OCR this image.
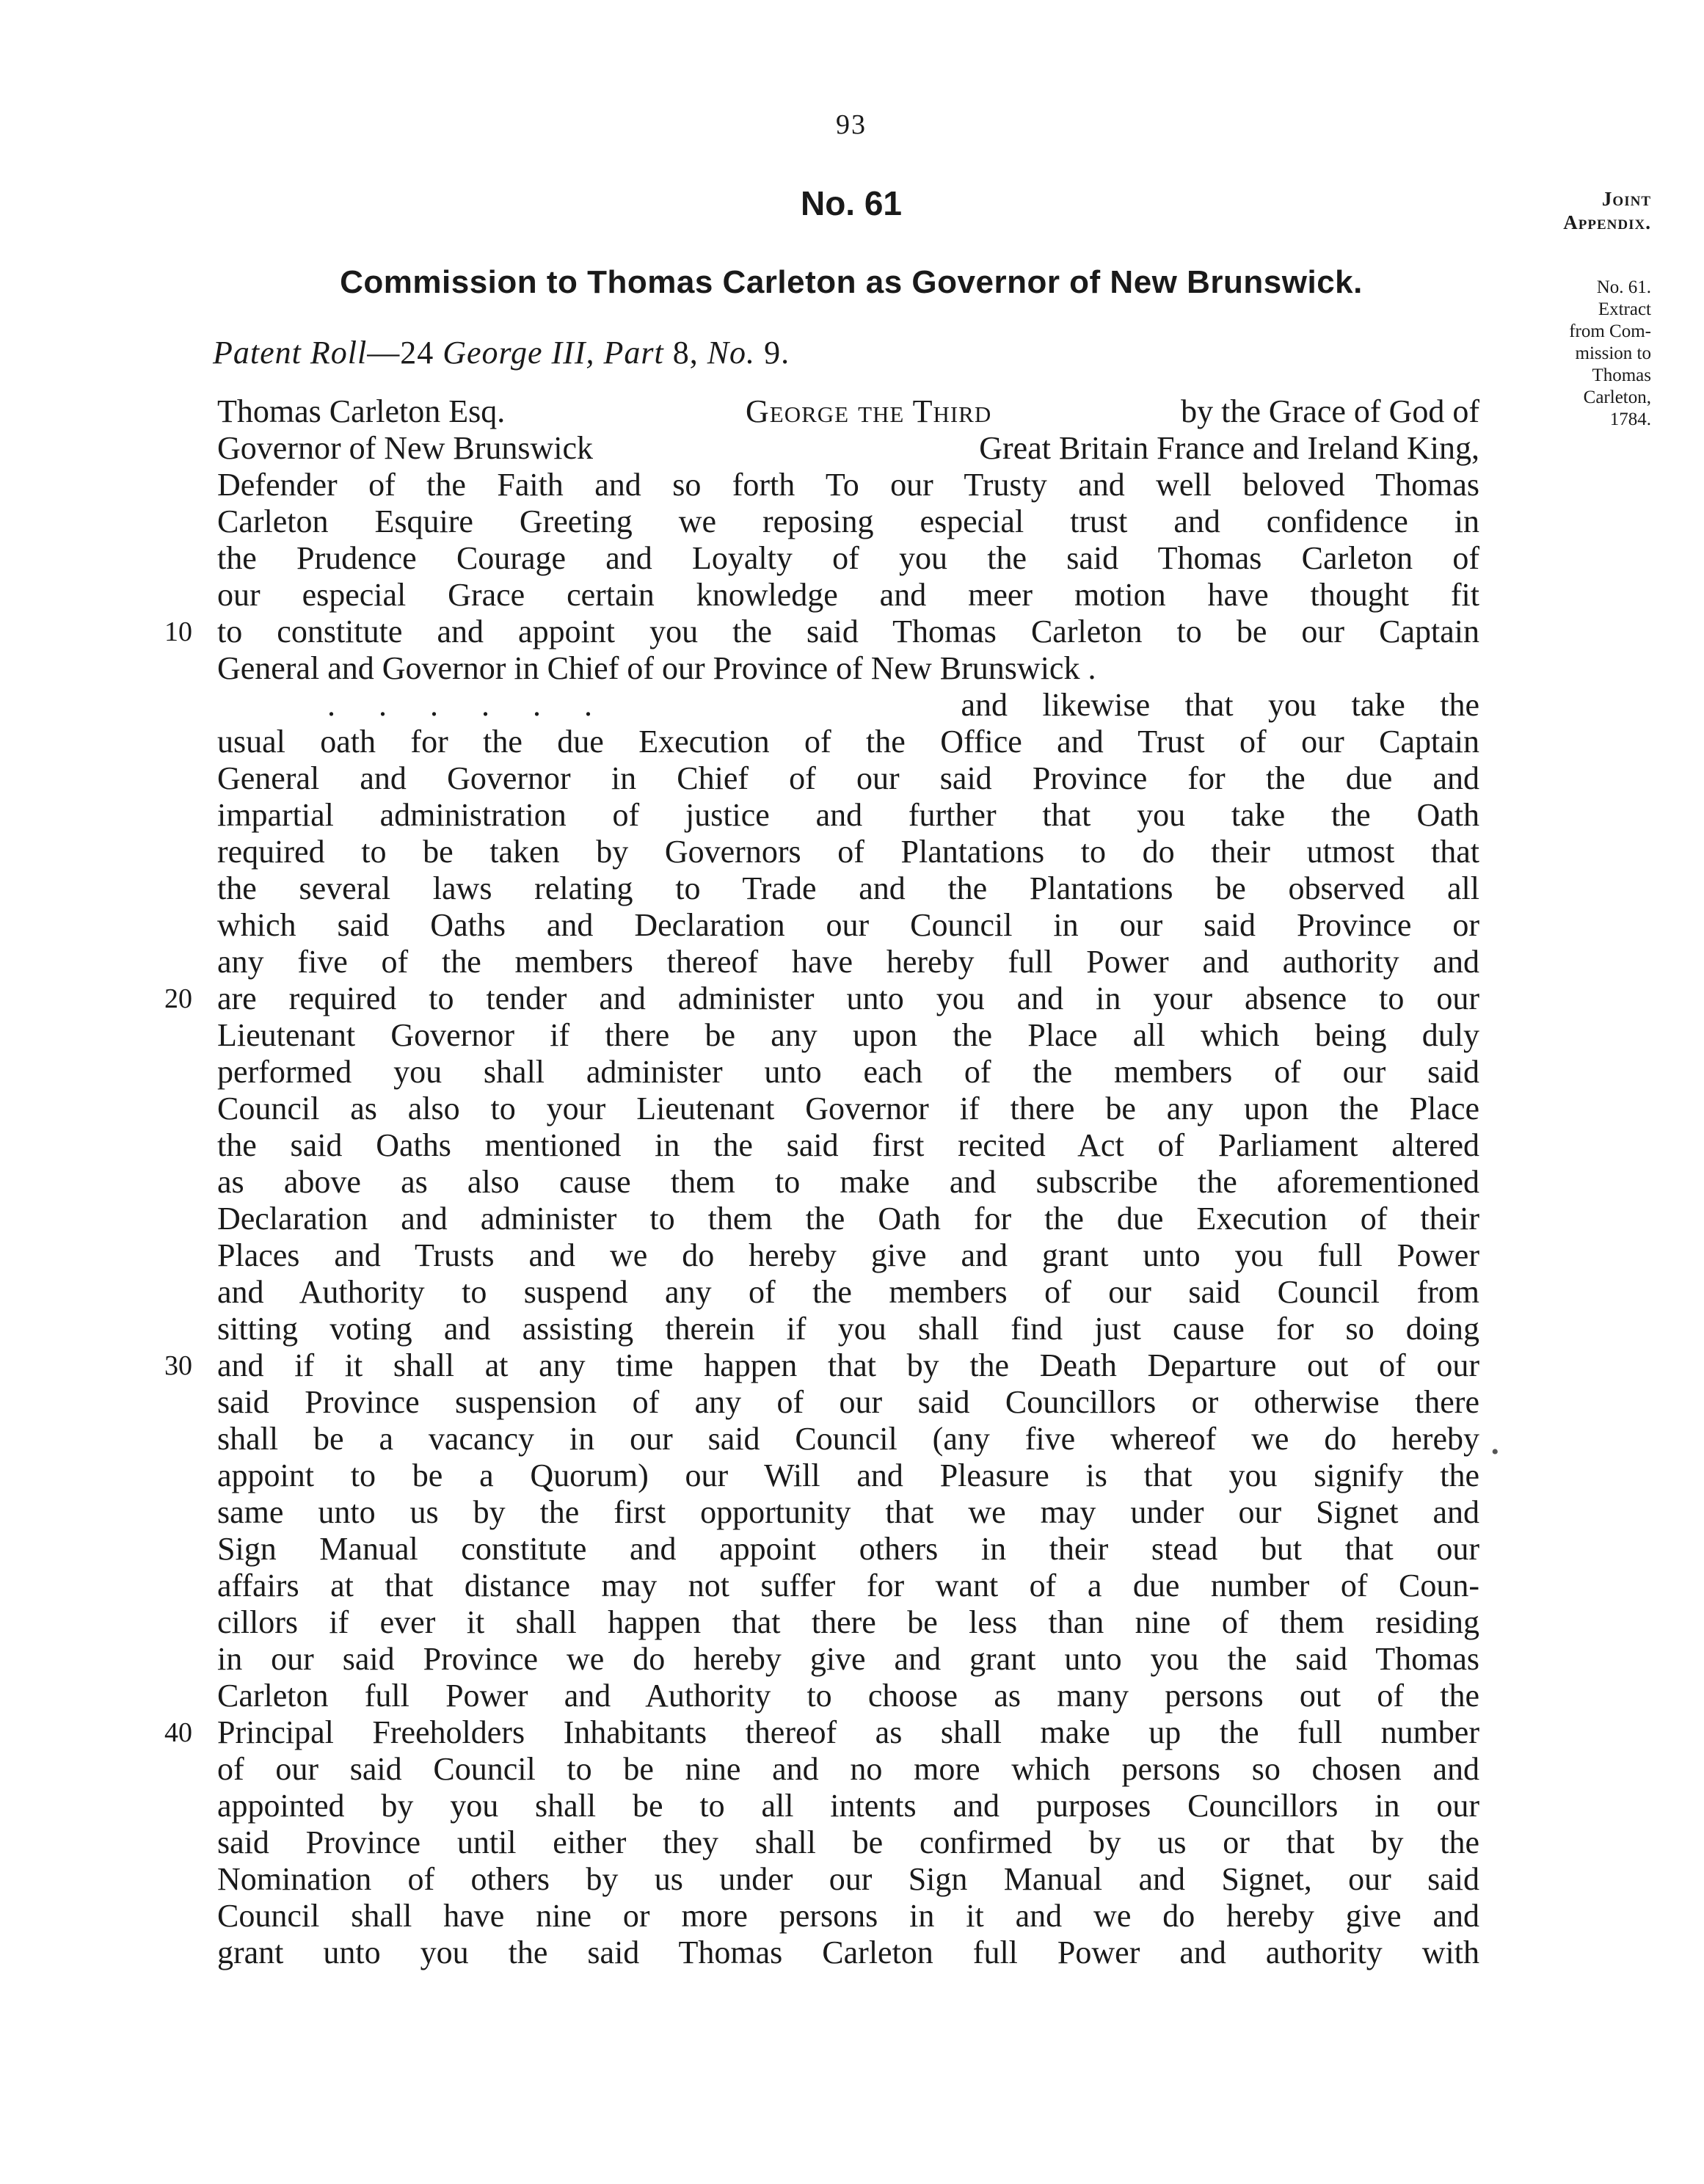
93
No. 61
Commission to Thomas Carleton as Governor of New Brunswick.
Patent Roll—24 George III, Part 8, No. 9.
Joint
Appendix.
No. 61.
Extract
from Com-
mission to
Thomas
Carleton,
1784.
Thomas Carleton Esq.	George the Third	by the Grace of God of
Governor of New Brunswick	Great Britain France and Ireland King,
Defender of the Faith and so forth To our Trusty and well beloved Thomas
Carleton Esquire Greeting we reposing especial trust and confidence in
the Prudence Courage and Loyalty of you the said Thomas Carleton of
our especial Grace certain knowledge and meer motion have thought fit
10 to constitute and appoint you the said Thomas Carleton to be our Captain
General and Governor in Chief of our Province of New Brunswick .
. . . . . .	and likewise that you take the
usual oath for the due Execution of the Office and Trust of our Captain
General and Governor in Chief of our said Province for the due and
impartial administration of justice and further that you take the Oath
required to be taken by Governors of Plantations to do their utmost that
the several laws relating to Trade and the Plantations be observed all
which said Oaths and Declaration our Council in our said Province or
any five of the members thereof have hereby full Power and authority and
20 are required to tender and administer unto you and in your absence to our
Lieutenant Governor if there be any upon the Place all which being duly
performed you shall administer unto each of the members of our said
Council as also to your Lieutenant Governor if there be any upon the Place
the said Oaths mentioned in the said first recited Act of Parliament altered
as above as also cause them to make and subscribe the aforementioned
Declaration and administer to them the Oath for the due Execution of their
Places and Trusts and we do hereby give and grant unto you full Power
and Authority to suspend any of the members of our said Council from
sitting voting and assisting therein if you shall find just cause for so doing
30 and if it shall at any time happen that by the Death Departure out of our
said Province suspension of any of our said Councillors or otherwise there
shall be a vacancy in our said Council (any five whereof we do hereby
appoint to be a Quorum) our Will and Pleasure is that you signify the
same unto us by the first opportunity that we may under our Signet and
Sign Manual constitute and appoint others in their stead but that our
affairs at that distance may not suffer for want of a due number of Coun-
cillors if ever it shall happen that there be less than nine of them residing
in our said Province we do hereby give and grant unto you the said Thomas
Carleton full Power and Authority to choose as many persons out of the
40 Principal Freeholders Inhabitants thereof as shall make up the full number
of our said Council to be nine and no more which persons so chosen and
appointed by you shall be to all intents and purposes Councillors in our
said Province until either they shall be confirmed by us or that by the
Nomination of others by us under our Sign Manual and Signet, our said
Council shall have nine or more persons in it and we do hereby give and
grant unto you the said Thomas Carleton full Power and authority with
•
